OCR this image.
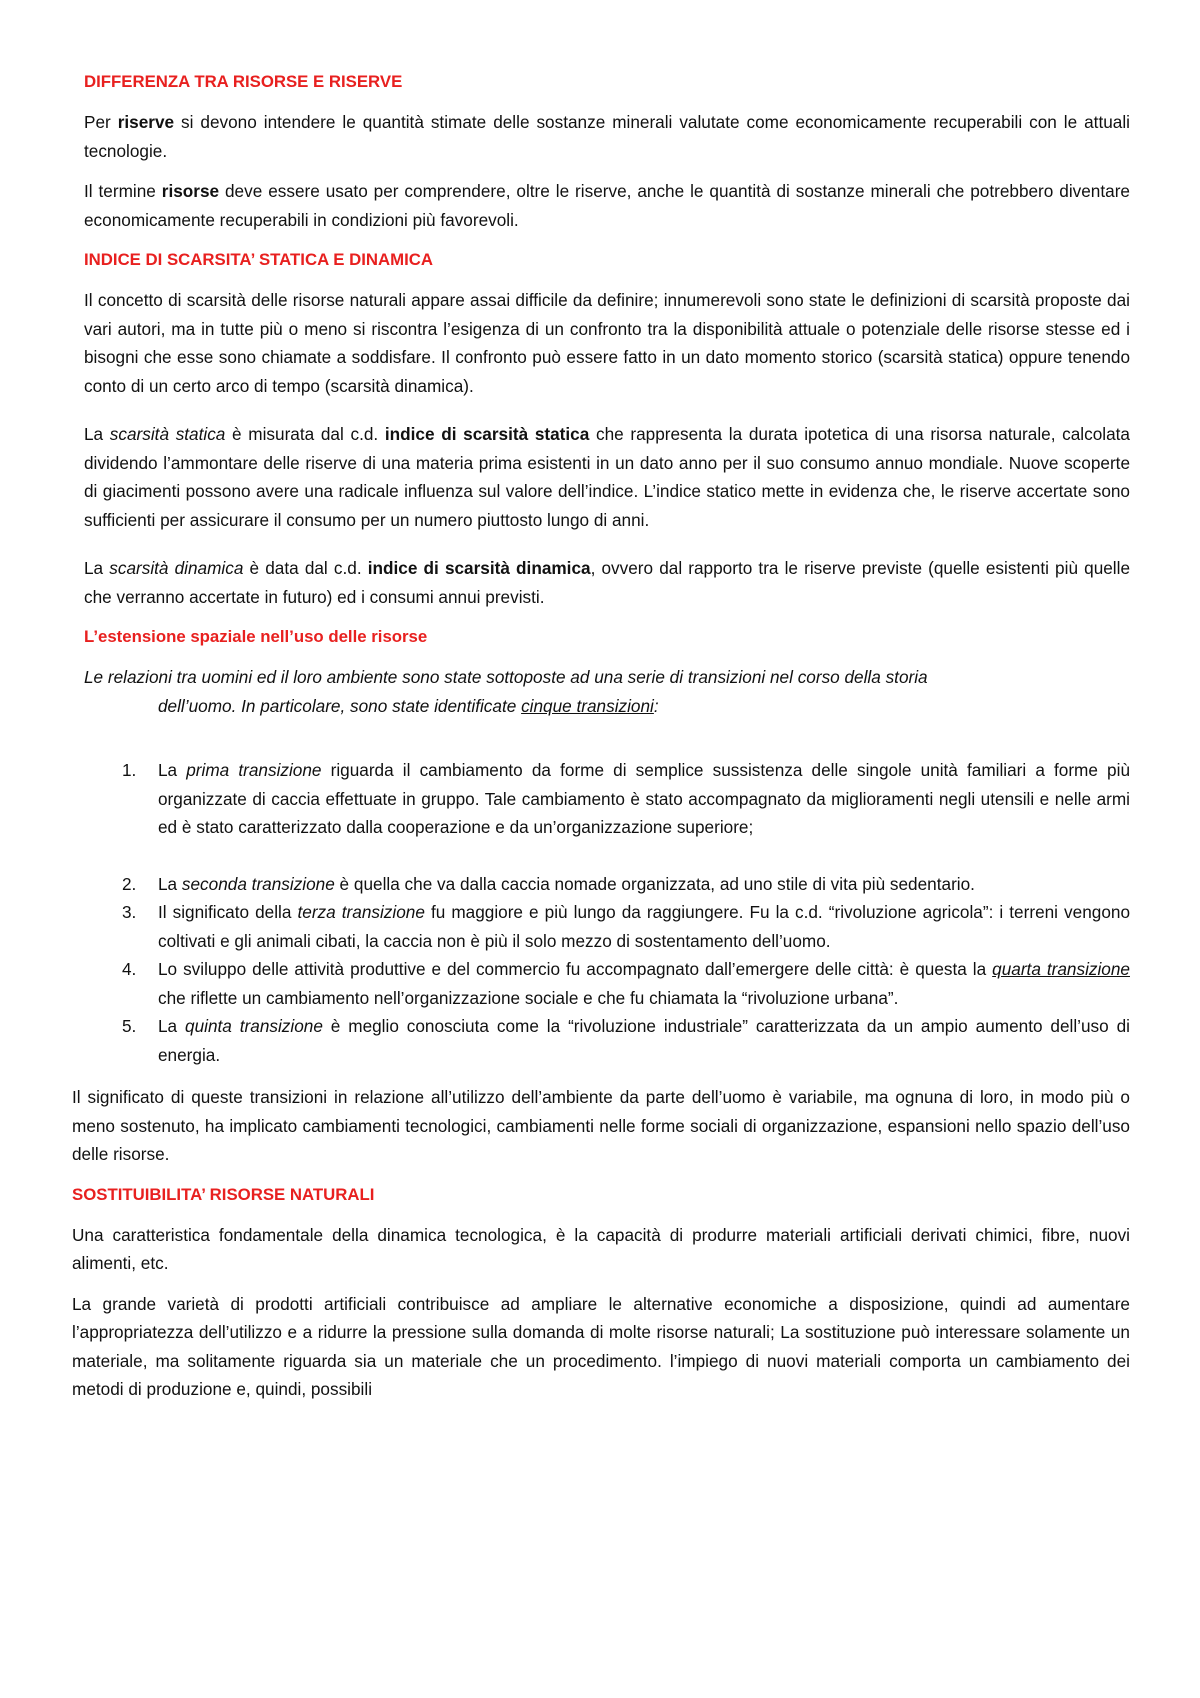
DIFFERENZA TRA RISORSE E RISERVE

Per riserve si devono intendere le quantità stimate delle sostanze minerali valutate come economicamente recuperabili con le attuali tecnologie.

Il termine risorse deve essere usato per comprendere, oltre le riserve, anche le quantità di sostanze minerali che potrebbero diventare economicamente recuperabili in condizioni più favorevoli.

INDICE DI SCARSITA’ STATICA E DINAMICA

Il concetto di scarsità delle risorse naturali appare assai difficile da definire; innumerevoli sono state le definizioni di scarsità proposte dai vari autori, ma in tutte più o meno si riscontra l’esigenza di un confronto tra la disponibilità attuale o potenziale delle risorse stesse ed i bisogni che esse sono chiamate a soddisfare. Il confronto può essere fatto in un dato momento storico (scarsità statica) oppure tenendo conto di un certo arco di tempo (scarsità dinamica).

La scarsità statica è misurata dal c.d. indice di scarsità statica che rappresenta la durata ipotetica di una risorsa naturale, calcolata dividendo l’ammontare delle riserve di una materia prima esistenti in un dato anno per il suo consumo annuo mondiale. Nuove scoperte di giacimenti possono avere una radicale influenza sul valore dell’indice. L’indice statico mette in evidenza che, le riserve accertate sono sufficienti per assicurare il consumo per un numero piuttosto lungo di anni.

La scarsità dinamica è data dal c.d. indice di scarsità dinamica, ovvero dal rapporto tra le riserve previste (quelle esistenti più quelle che verranno accertate in futuro) ed i consumi annui previsti.

L’estensione spaziale nell’uso delle risorse

Le relazioni tra uomini ed il loro ambiente sono state sottoposte ad una serie di transizioni nel corso della storia
dell’uomo. In particolare, sono state identificate cinque transizioni:

1. La prima transizione riguarda il cambiamento da forme di semplice sussistenza delle singole unità familiari a forme più organizzate di caccia effettuate in gruppo. Tale cambiamento è stato accompagnato da miglioramenti negli utensili e nelle armi ed è stato caratterizzato dalla cooperazione e da un’organizzazione superiore;
2. La seconda transizione è quella che va dalla caccia nomade organizzata, ad uno stile di vita più sedentario.
3. Il significato della terza transizione fu maggiore e più lungo da raggiungere. Fu la c.d. “rivoluzione agricola”: i terreni vengono coltivati e gli animali cibati, la caccia non è più il solo mezzo di sostentamento dell’uomo.
4. Lo sviluppo delle attività produttive e del commercio fu accompagnato dall’emergere delle città: è questa la quarta transizione che riflette un cambiamento nell’organizzazione sociale e che fu chiamata la “rivoluzione urbana”.
5. La quinta transizione è meglio conosciuta come la “rivoluzione industriale” caratterizzata da un ampio aumento dell’uso di energia.

Il significato di queste transizioni in relazione all’utilizzo dell’ambiente da parte dell’uomo è variabile, ma ognuna di loro, in modo più o meno sostenuto, ha implicato cambiamenti tecnologici, cambiamenti nelle forme sociali di organizzazione, espansioni nello spazio dell’uso delle risorse.

SOSTITUIBILITA’ RISORSE NATURALI

Una caratteristica fondamentale della dinamica tecnologica, è la capacità di produrre materiali artificiali derivati chimici, fibre, nuovi alimenti, etc.

La grande varietà di prodotti artificiali contribuisce ad ampliare le alternative economiche a disposizione, quindi ad aumentare l’appropriatezza dell’utilizzo e a ridurre la pressione sulla domanda di molte risorse naturali; La sostituzione può interessare solamente un materiale, ma solitamente riguarda sia un materiale che un procedimento. l’impiego di nuovi materiali comporta un cambiamento dei metodi di produzione e, quindi, possibili
